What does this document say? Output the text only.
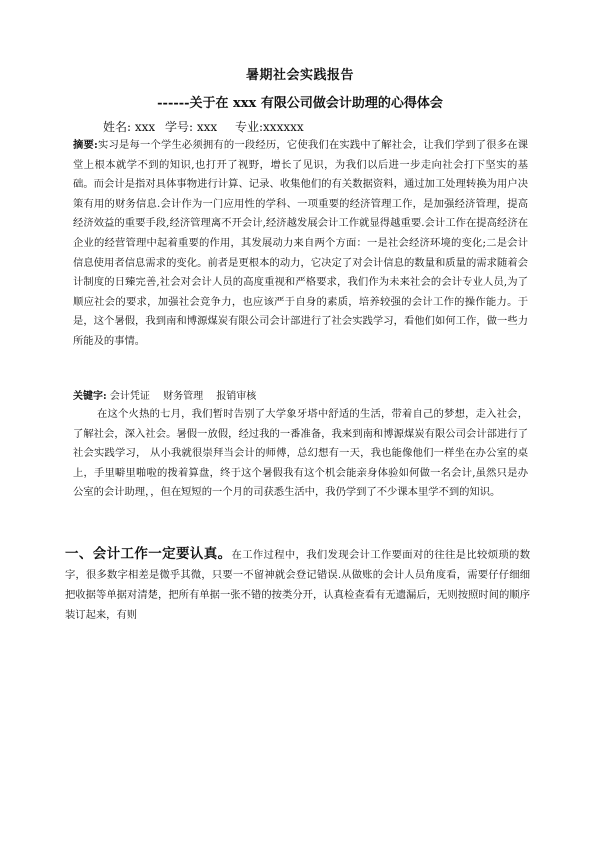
暑期社会实践报告
------关于在 xxx 有限公司做会计助理的心得体会
姓名: xxx 学号: xxx 专业:xxxxxx
摘要:实习是每一个学生必须拥有的一段经历，它使我们在实践中了解社会，让我们学到了很多在课堂上根本就学不到的知识,也打开了视野，增长了见识，为我们以后进一步走向社会打下坚实的基础。而会计是指对具体事物进行计算、记录、收集他们的有关数据资料，通过加工处理转换为用户决策有用的财务信息.会计作为一门应用性的学科、一项重要的经济管理工作，是加强经济管理，提高经济效益的重要手段,经济管理离不开会计,经济越发展会计工作就显得越重要.会计工作在提高经济在企业的经营管理中起着重要的作用，其发展动力来自两个方面：一是社会经济环境的变化;二是会计信息使用者信息需求的变化。前者是更根本的动力，它决定了对会计信息的数量和质量的需求随着会计制度的日臻完善,社会对会计人员的高度重视和严格要求，我们作为未来社会的会计专业人员,为了顺应社会的要求，加强社会竞争力，也应该严于自身的素质，培养较强的会计工作的操作能力。于是，这个暑假，我到南和博源煤炭有限公司会计部进行了社会实践学习，看他们如何工作，做一些力所能及的事情。
关键字: 会计凭证 财务管理 报销审核
在这个火热的七月，我们暂时告别了大学象牙塔中舒适的生活，带着自己的梦想，走入社会，了解社会，深入社会。暑假一放假，经过我的一番准备，我来到南和博源煤炭有限公司会计部进行了社会实践学习， 从小我就很崇拜当会计的师傅，总幻想有一天，我也能像他们一样坐在办公室的桌上，手里噼里啪啦的拨着算盘，终于这个暑假我有这个机会能亲身体验如何做一名会计,虽然只是办公室的会计助理，，但在短短的一个月的司获悉生活中，我仍学到了不少课本里学不到的知识。
一、会计工作一定要认真。在工作过程中，我们发现会计工作要面对的往往是比较烦琐的数字，很多数字相差是微乎其微，只要一不留神就会登记错误.从做账的会计人员角度看，需要仔仔细细把收据等单据对清楚，把所有单据一张不错的按类分开，认真检查看有无遗漏后，无则按照时间的顺序装订起来，有则
